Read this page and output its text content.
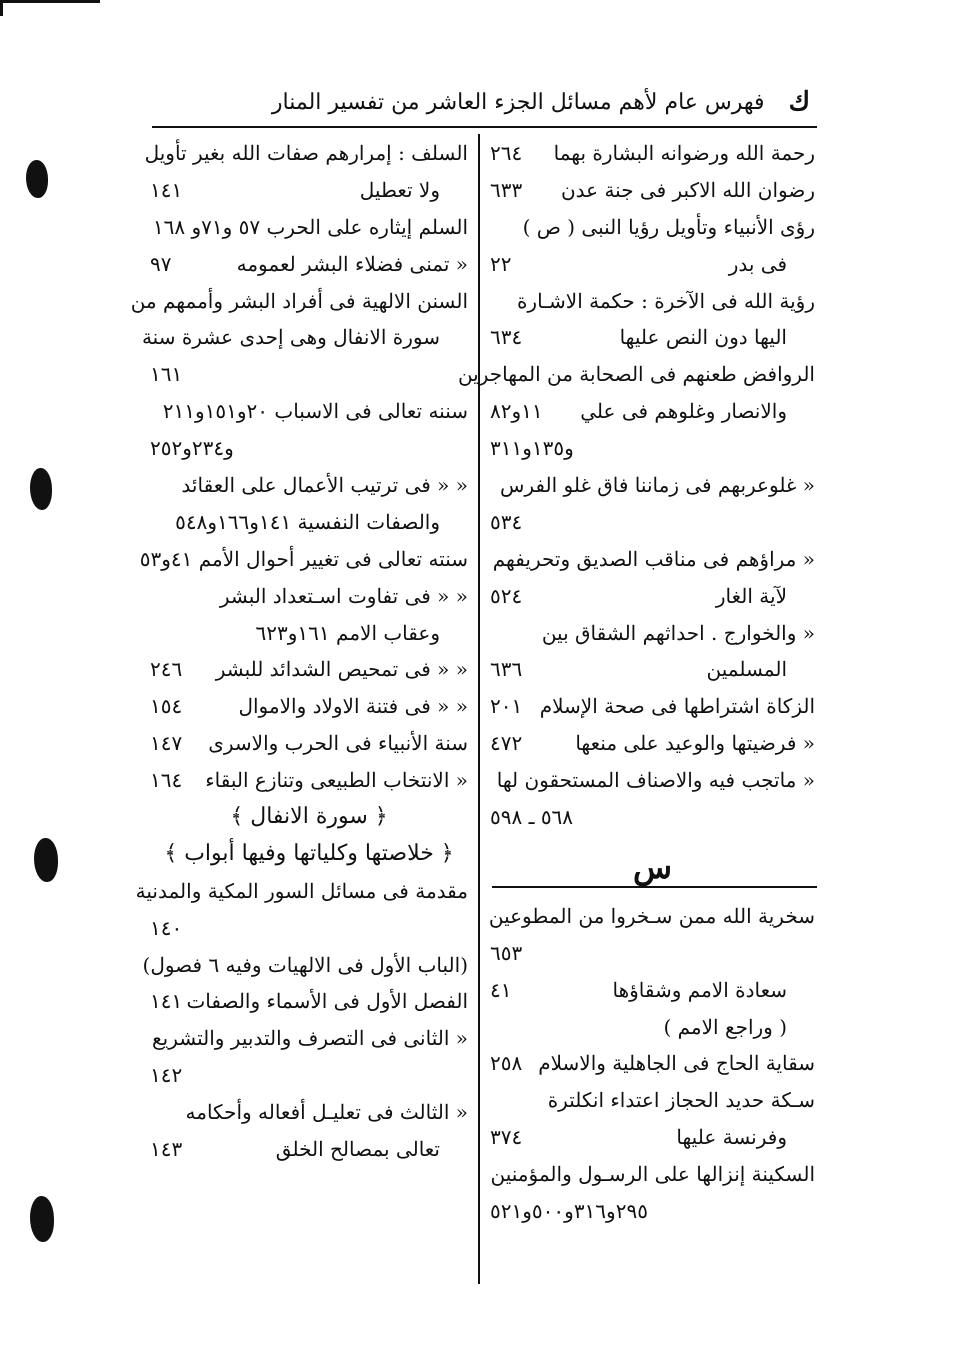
ك
فهرس عام لأهم مسائل الجزء العاشر من تفسير المنار
رحمة الله ورضوانه البشارة بهما
٢٦٤
رضوان الله الاكبر فى جنة عدن
٦٣٣
رؤى الأنبياء وتأويل رؤيا النبى ( ص )
فى بدر
٢٢
رؤية الله فى الآخرة : حكمة الاشـارة
اليها دون النص عليها
٦٣٤
الروافض طعنهم فى الصحابة من المهاجرين
والانصار وغلوهم فى علي
١١و٨٢
و١٣٥و٣١١
« غلوعربهم فى زماننا فاق غلو الفرس
٥٣٤
« مراؤهم فى مناقب الصديق وتحريفهم
لآية الغار
٥٢٤
« والخوارج . احداثهم الشقاق بين
المسلمين
٦٣٦
الزكاة اشتراطها فى صحة الإسلام
٢٠١
« فرضيتها والوعيد على منعها
٤٧٢
« ماتجب فيه والاصناف المستحقون لها
٥٦٨ ـ ٥٩٨
س
سخرية الله ممن سـخروا من المطوعين
٦٥٣
سعادة الامم وشقاؤها
٤١
( وراجع الامم )
سقاية الحاج فى الجاهلية والاسلام
٢٥٨
سـكة حديد الحجاز اعتداء انكلترة
وفرنسة عليها
٣٧٤
السكينة إنزالها على الرسـول والمؤمنين
٢٩٥و٣١٦و٥٠٠و٥٢١
السلف : إمرارهم صفات الله بغير تأويل
ولا تعطيل
١٤١
السلم إيثاره على الحرب ٥٧ و٧١و ١٦٨
« تمنى فضلاء البشر لعمومه
٩٧
السنن الالهية فى أفراد البشر وأممهم من
سورة الانفال وهى إحدى عشرة سنة
١٦١
سننه تعالى فى الاسباب ٢٠و١٥١و٢١١
و٢٣٤و٢٥٢
« « فى ترتيب الأعمال على العقائد
والصفات النفسية ١٤١و١٦٦و٥٤٨
سنته تعالى فى تغيير أحوال الأمم ٤١و٥٣
« « فى تفاوت اسـتعداد البشر
وعقاب الامم ١٦١و٦٢٣
« « فى تمحيص الشدائد للبشر
٢٤٦
« « فى فتنة الاولاد والاموال
١٥٤
سنة الأنبياء فى الحرب والاسرى
١٤٧
« الانتخاب الطبيعى وتنازع البقاء
١٦٤
﴿ سورة الانفال ﴾
﴿ خلاصتها وكلياتها وفيها أبواب ﴾
مقدمة فى مسائل السور المكية والمدنية
١٤٠
(الباب الأول فى الالهيات وفيه ٦ فصول)
الفصل الأول فى الأسماء والصفات
١٤١
« الثانى فى التصرف والتدبير والتشريع
١٤٢
« الثالث فى تعليـل أفعاله وأحكامه
تعالى بمصالح الخلق
١٤٣
